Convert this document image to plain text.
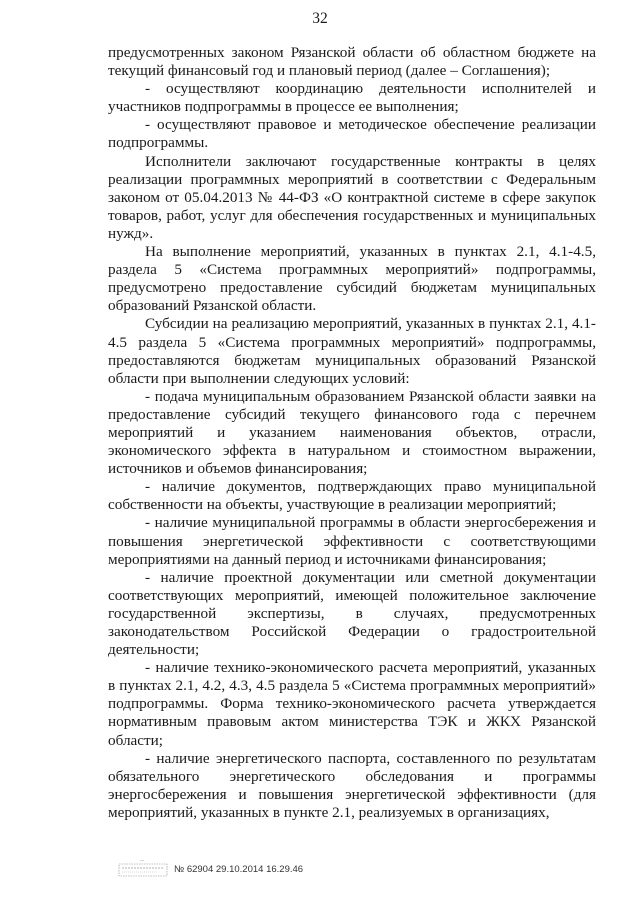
32

предусмотренных законом Рязанской области об областном бюджете на текущий финансовый год и плановый период (далее – Соглашения);

- осуществляют координацию деятельности исполнителей и участников подпрограммы в процессе ее выполнения;

- осуществляют правовое и методическое обеспечение реализации подпрограммы.

Исполнители заключают государственные контракты в целях реализации программных мероприятий в соответствии с Федеральным законом от 05.04.2013 № 44-ФЗ «О контрактной системе в сфере закупок товаров, работ, услуг для обеспечения государственных и муниципальных нужд».

На выполнение мероприятий, указанных в пунктах 2.1, 4.1-4.5, раздела 5 «Система программных мероприятий» подпрограммы, предусмотрено предоставление субсидий бюджетам муниципальных образований Рязанской области.

Субсидии на реализацию мероприятий, указанных в пунктах 2.1, 4.1-4.5 раздела 5 «Система программных мероприятий» подпрограммы, предоставляются бюджетам муниципальных образований Рязанской области при выполнении следующих условий:

- подача муниципальным образованием Рязанской области заявки на предоставление субсидий текущего финансового года с перечнем мероприятий и указанием наименования объектов, отрасли, экономического эффекта в натуральном и стоимостном выражении, источников и объемов финансирования;

- наличие документов, подтверждающих право муниципальной собственности на объекты, участвующие в реализации мероприятий;

- наличие муниципальной программы в области энергосбережения и повышения энергетической эффективности с соответствующими мероприятиями на данный период и источниками финансирования;

- наличие проектной документации или сметной документации соответствующих мероприятий, имеющей положительное заключение государственной экспертизы, в случаях, предусмотренных законодательством Российской Федерации о градостроительной деятельности;

- наличие технико-экономического расчета мероприятий, указанных в пунктах 2.1, 4.2, 4.3, 4.5 раздела 5 «Система программных мероприятий» подпрограммы. Форма технико-экономического расчета утверждается нормативным правовым актом министерства ТЭК и ЖКХ Рязанской области;

- наличие энергетического паспорта, составленного по результатам обязательного энергетического обследования и программы энергосбережения и повышения энергетической эффективности (для мероприятий, указанных в пункте 2.1, реализуемых в организациях,

№ 62904 29.10.2014 16.29.46
